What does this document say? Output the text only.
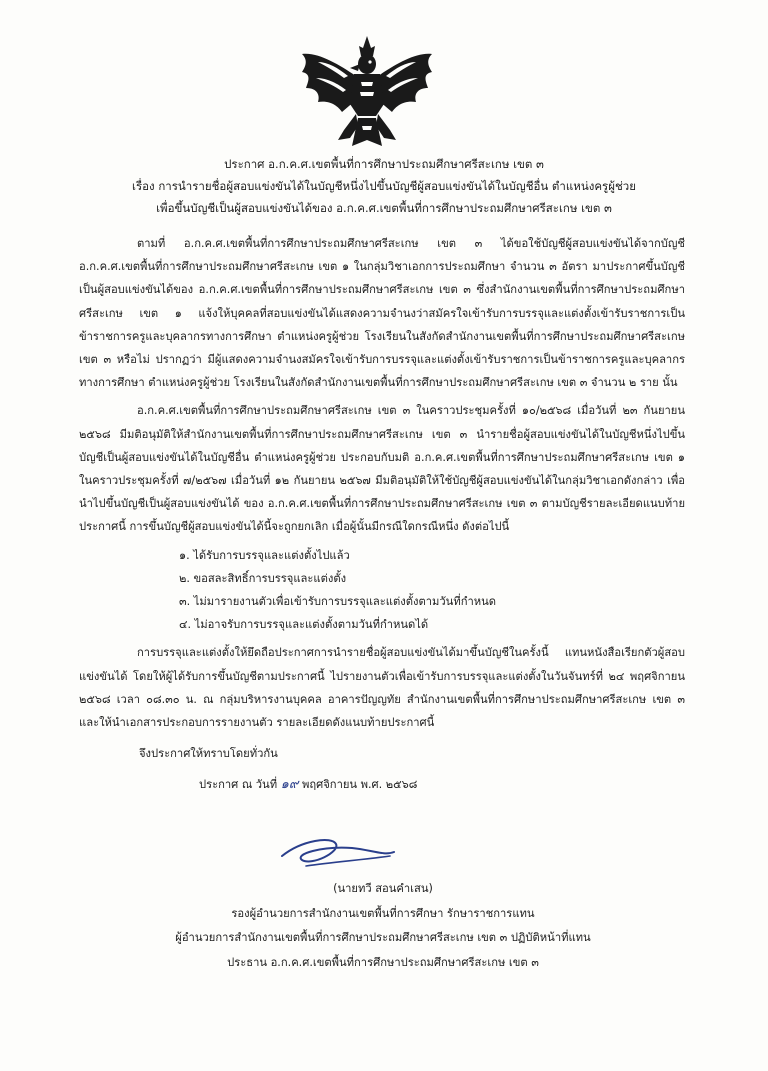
ประกาศ อ.ก.ค.ศ.เขตพื้นที่การศึกษาประถมศึกษาศรีสะเกษ เขต ๓
เรื่อง การนำรายชื่อผู้สอบแข่งขันได้ในบัญชีหนึ่งไปขึ้นบัญชีผู้สอบแข่งขันได้ในบัญชีอื่น ตำแหน่งครูผู้ช่วย
เพื่อขึ้นบัญชีเป็นผู้สอบแข่งขันได้ของ อ.ก.ค.ศ.เขตพื้นที่การศึกษาประถมศึกษาศรีสะเกษ เขต ๓

ตามที่ อ.ก.ค.ศ.เขตพื้นที่การศึกษาประถมศึกษาศรีสะเกษ เขต ๓ ได้ขอใช้บัญชีผู้สอบแข่งขันได้จากบัญชี อ.ก.ค.ศ.เขตพื้นที่การศึกษาประถมศึกษาศรีสะเกษ เขต ๑ ในกลุ่มวิชาเอกการประถมศึกษา จำนวน ๓ อัตรา มาประกาศขึ้นบัญชีเป็นผู้สอบแข่งขันได้ของ อ.ก.ค.ศ.เขตพื้นที่การศึกษาประถมศึกษาศรีสะเกษ เขต ๓ ซึ่งสำนักงานเขตพื้นที่การศึกษาประถมศึกษาศรีสะเกษ เขต ๑ แจ้งให้บุคคลที่สอบแข่งขันได้แสดงความจำนงว่าสมัครใจเข้ารับการบรรจุและแต่งตั้งเข้ารับราชการเป็นข้าราชการครูและบุคลากรทางการศึกษา ตำแหน่งครูผู้ช่วย โรงเรียนในสังกัดสำนักงานเขตพื้นที่การศึกษาประถมศึกษาศรีสะเกษ เขต ๓ หรือไม่ ปรากฏว่า มีผู้แสดงความจำนงสมัครใจเข้ารับการบรรจุและแต่งตั้งเข้ารับราชการเป็นข้าราชการครูและบุคลากรทางการศึกษา ตำแหน่งครูผู้ช่วย โรงเรียนในสังกัดสำนักงานเขตพื้นที่การศึกษาประถมศึกษาศรีสะเกษ เขต ๓ จำนวน ๒ ราย นั้น

อ.ก.ค.ศ.เขตพื้นที่การศึกษาประถมศึกษาศรีสะเกษ เขต ๓ ในคราวประชุมครั้งที่ ๑๐/๒๕๖๘ เมื่อวันที่ ๒๓ กันยายน ๒๕๖๘ มีมติอนุมัติให้สำนักงานเขตพื้นที่การศึกษาประถมศึกษาศรีสะเกษ เขต ๓ นำรายชื่อผู้สอบแข่งขันได้ในบัญชีหนึ่งไปขึ้นบัญชีเป็นผู้สอบแข่งขันได้ในบัญชีอื่น ตำแหน่งครูผู้ช่วย ประกอบกับมติ อ.ก.ค.ศ.เขตพื้นที่การศึกษาประถมศึกษาศรีสะเกษ เขต ๑ ในคราวประชุมครั้งที่ ๗/๒๕๖๗ เมื่อวันที่ ๑๒ กันยายน ๒๕๖๗ มีมติอนุมัติให้ใช้บัญชีผู้สอบแข่งขันได้ในกลุ่มวิชาเอกดังกล่าว เพื่อนำไปขึ้นบัญชีเป็นผู้สอบแข่งขันได้ ของ อ.ก.ค.ศ.เขตพื้นที่การศึกษาประถมศึกษาศรีสะเกษ เขต ๓ ตามบัญชีรายละเอียดแนบท้ายประกาศนี้ การขึ้นบัญชีผู้สอบแข่งขันได้นี้จะถูกยกเลิก เมื่อผู้นั้นมีกรณีใดกรณีหนึ่ง ดังต่อไปนี้

๑. ได้รับการบรรจุและแต่งตั้งไปแล้ว
๒. ขอสละสิทธิ์การบรรจุและแต่งตั้ง
๓. ไม่มารายงานตัวเพื่อเข้ารับการบรรจุและแต่งตั้งตามวันที่กำหนด
๔. ไม่อาจรับการบรรจุและแต่งตั้งตามวันที่กำหนดได้

การบรรจุและแต่งตั้งให้ยึดถือประกาศการนำรายชื่อผู้สอบแข่งขันได้มาขึ้นบัญชีในครั้งนี้ แทนหนังสือเรียกตัวผู้สอบแข่งขันได้ โดยให้ผู้ได้รับการขึ้นบัญชีตามประกาศนี้ ไปรายงานตัวเพื่อเข้ารับการบรรจุและแต่งตั้งในวันจันทร์ที่ ๒๔ พฤศจิกายน ๒๕๖๘ เวลา ๐๘.๓๐ น. ณ กลุ่มบริหารงานบุคคล อาคารปัญญทัย สำนักงานเขตพื้นที่การศึกษาประถมศึกษาศรีสะเกษ เขต ๓ และให้นำเอกสารประกอบการรายงานตัว รายละเอียดดังแนบท้ายประกาศนี้

จึงประกาศให้ทราบโดยทั่วกัน
ประกาศ ณ วันที่ ๑๙ พฤศจิกายน พ.ศ. ๒๕๖๘
(นายทวี สอนคำเสน)
รองผู้อำนวยการสำนักงานเขตพื้นที่การศึกษา รักษาราชการแทน
ผู้อำนวยการสำนักงานเขตพื้นที่การศึกษาประถมศึกษาศรีสะเกษ เขต ๓ ปฏิบัติหน้าที่แทน
ประธาน อ.ก.ค.ศ.เขตพื้นที่การศึกษาประถมศึกษาศรีสะเกษ เขต ๓
